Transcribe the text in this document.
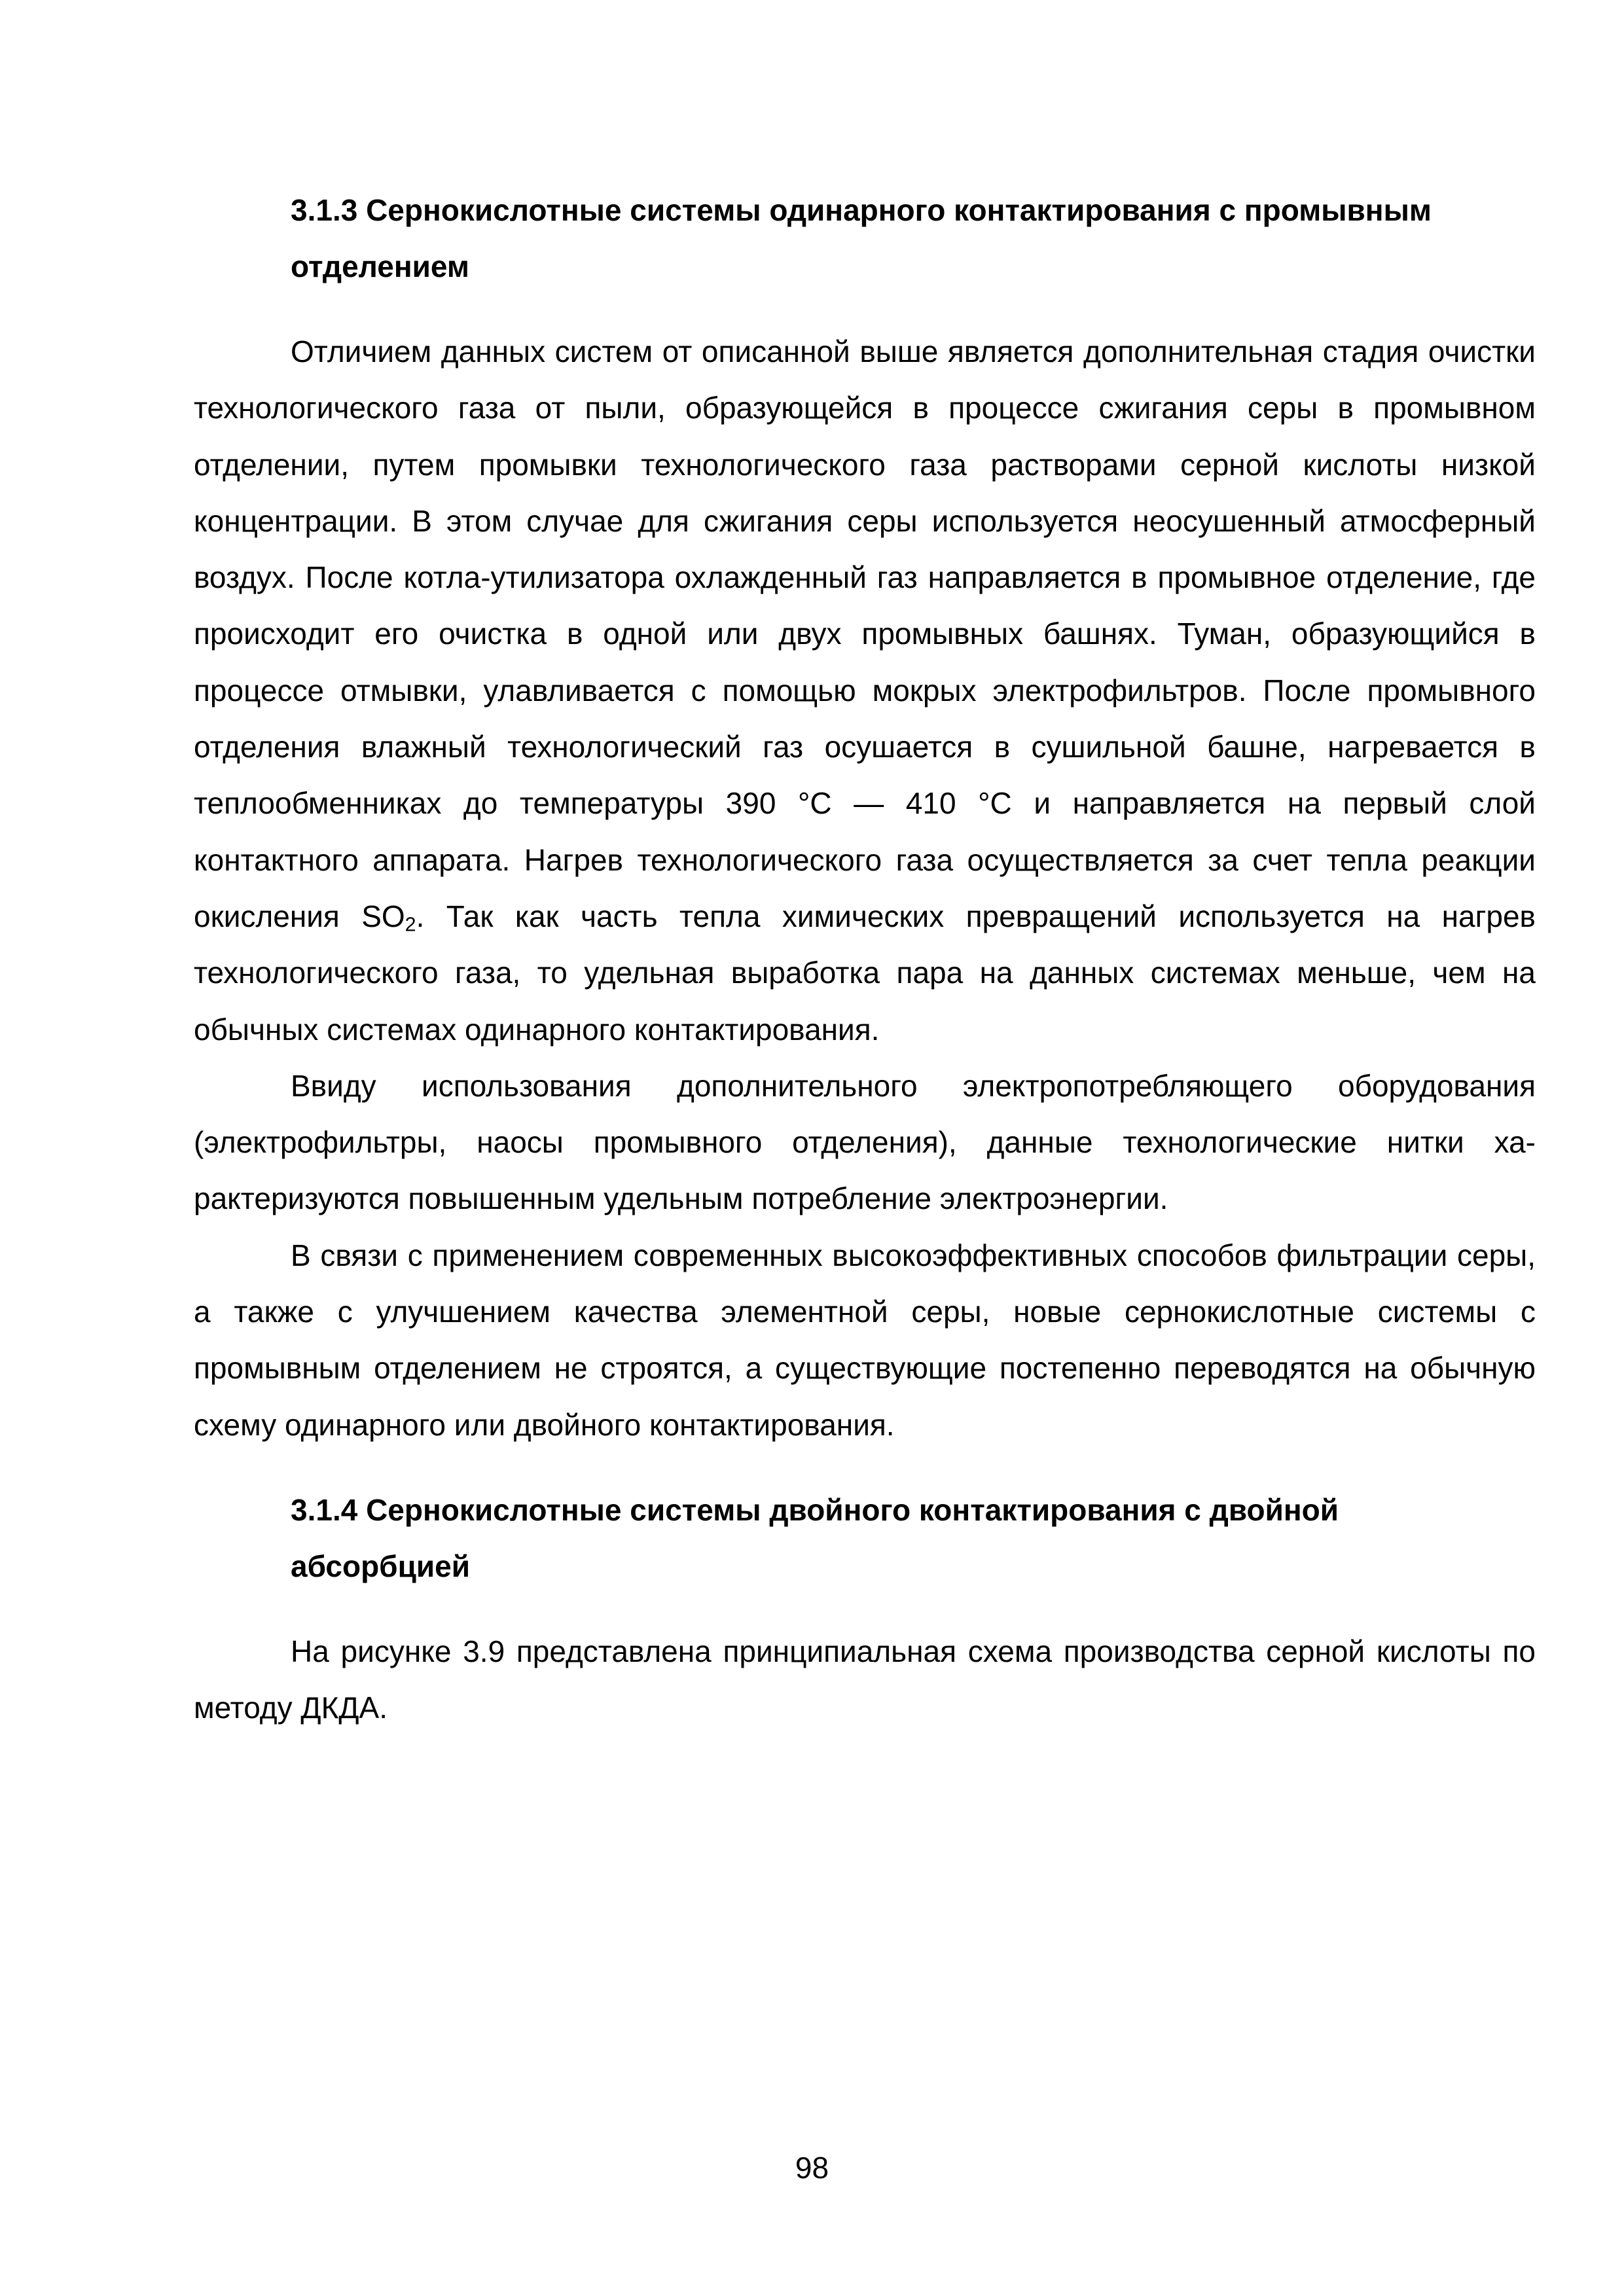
3.1.3 Сернокислотные системы одинарного контактирования с промывным
отделением

Отличием данных систем от описанной выше является дополнительная стадия очистки технологического газа от пыли, образующейся в процессе сжигания серы в промывном отделении, путем промывки технологического газа растворами серной кислоты низкой концентрации. В этом случае для сжигания серы используется неосушенный атмосферный воздух. После котла-утилизатора охлажденный газ направляется в промывное отделение, где происходит его очистка в одной или двух промывных башнях. Туман, образующийся в процессе отмывки, улавливается с помощью мокрых электрофильтров. После промывного отделения влажный технологический газ осушается в сушильной башне, нагревается в теплообменниках до температуры 390 °С — 410 °С и направляется на первый слой контактного аппарата. Нагрев технологического газа осуществляется за счет тепла реакции окисления $SO_2$. Так как часть тепла химических превращений используется на нагрев технологического газа, то удельная выработка пара на данных системах меньше, чем на обычных системах одинарного контактирования.

Ввиду использования дополнительного электропотребляющего оборудования (электрофильтры, наосы промывного отделения), данные технологические нитки характеризуются повышенным удельным потребление электроэнергии.

В связи с применением современных высокоэффективных способов фильтрации серы, а также с улучшением качества элементной серы, новые сернокислотные системы с промывным отделением не строятся, а существующие постепенно переводятся на обычную схему одинарного или двойного контактирования.

3.1.4 Сернокислотные системы двойного контактирования с двойной
абсорбцией

На рисунке 3.9 представлена принципиальная схема производства серной кислоты по методу ДКДА.

98
